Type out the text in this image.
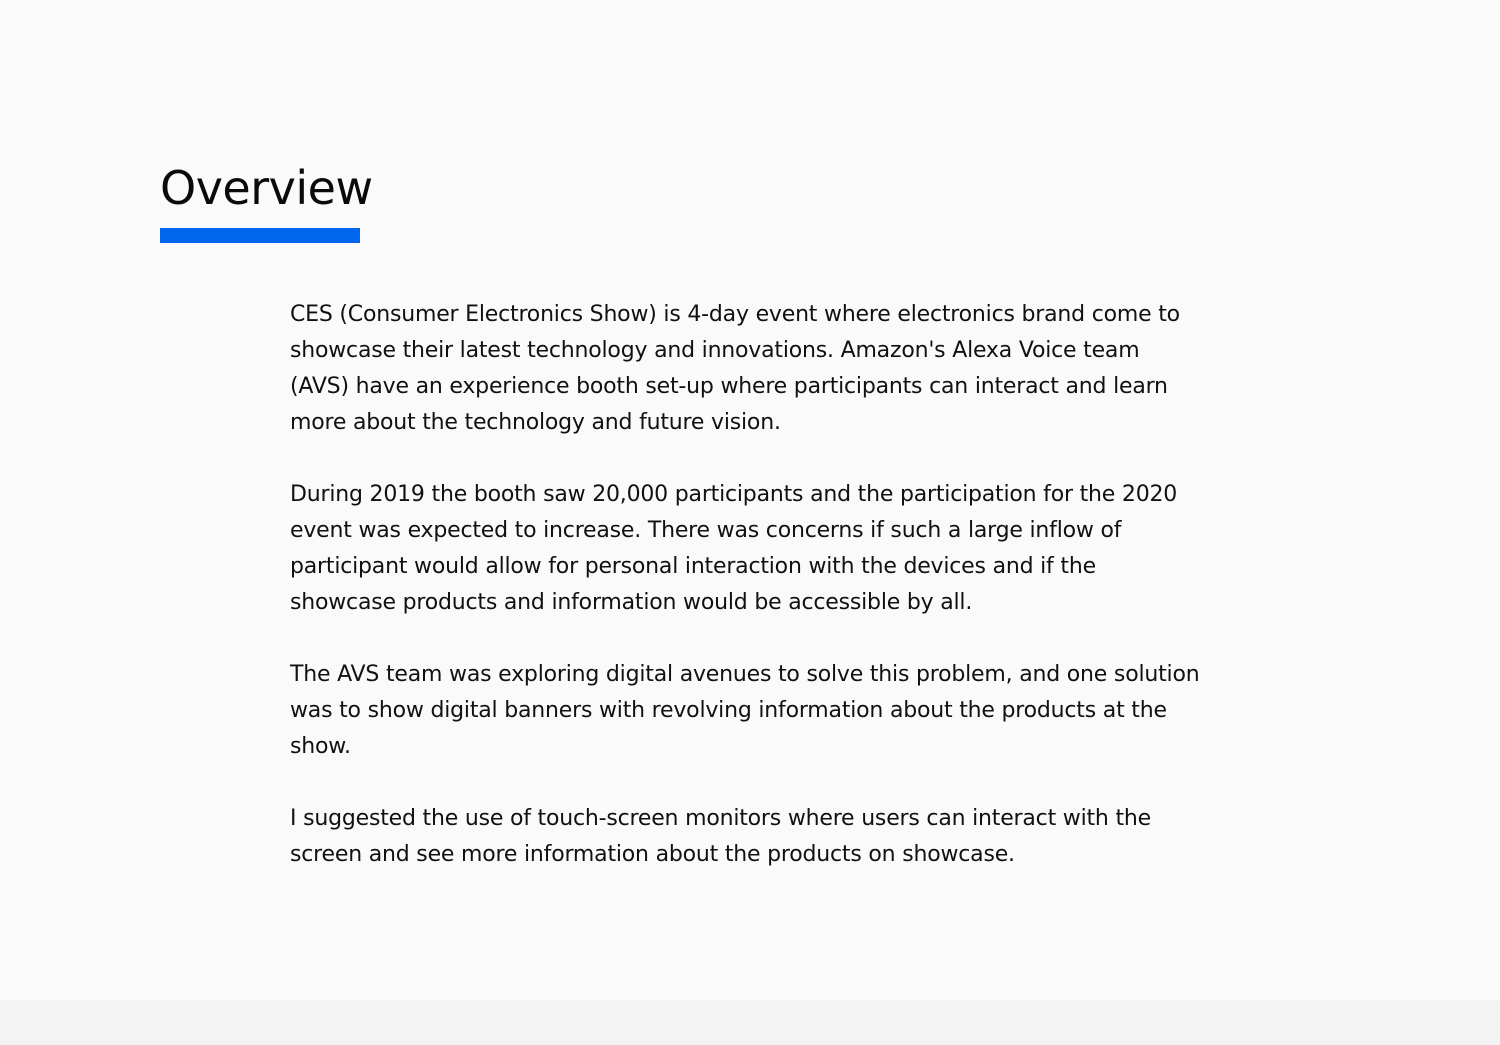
Overview

CES (Consumer Electronics Show) is 4-day event where electronics brand come to showcase their latest technology and innovations. Amazon's Alexa Voice team (AVS) have an experience booth set-up where participants can interact and learn more about the technology and future vision.

During 2019 the booth saw 20,000 participants and the participation for the 2020 event was expected to increase. There was concerns if such a large inflow of participant would allow for personal interaction with the devices and if the showcase products and information would be accessible by all.

The AVS team was exploring digital avenues to solve this problem, and one solution was to show digital banners with revolving information about the products at the show.

I suggested the use of touch-screen monitors where users can interact with the screen and see more information about the products on showcase.
